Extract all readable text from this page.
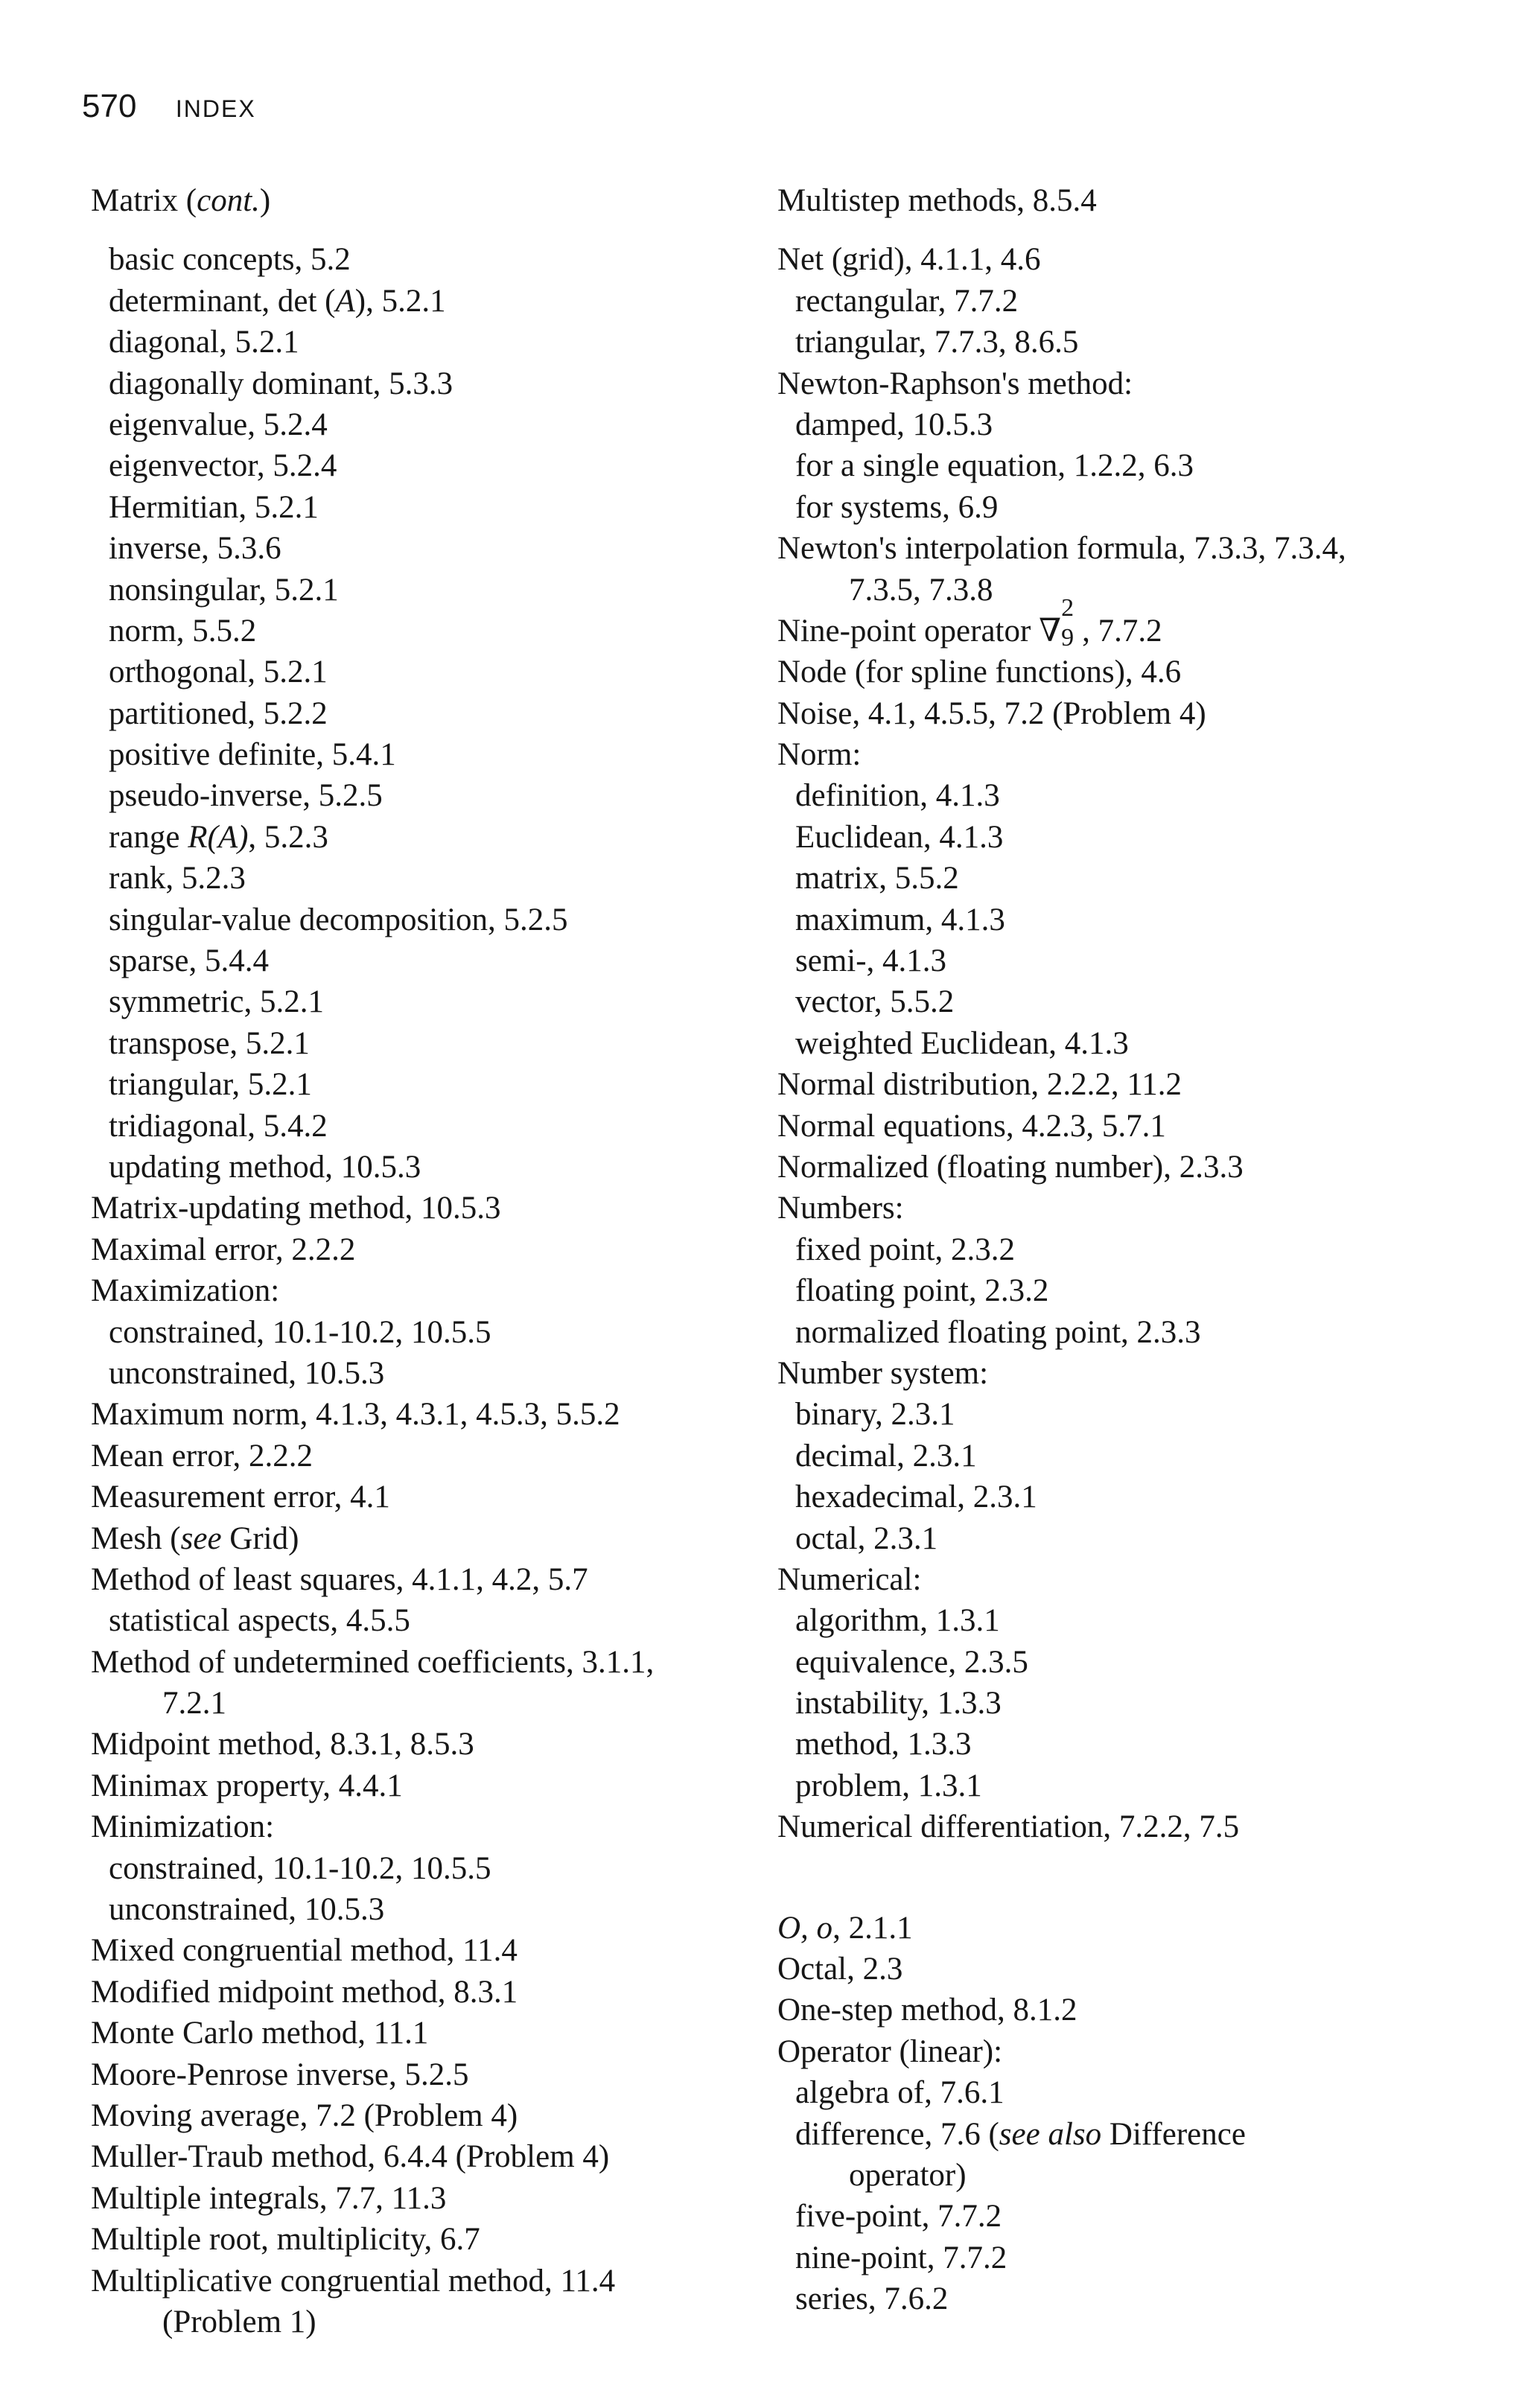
570 INDEX
Matrix (cont.)
basic concepts, 5.2
determinant, det (A), 5.2.1
diagonal, 5.2.1
diagonally dominant, 5.3.3
eigenvalue, 5.2.4
eigenvector, 5.2.4
Hermitian, 5.2.1
inverse, 5.3.6
nonsingular, 5.2.1
norm, 5.5.2
orthogonal, 5.2.1
partitioned, 5.2.2
positive definite, 5.4.1
pseudo-inverse, 5.2.5
range R(A), 5.2.3
rank, 5.2.3
singular-value decomposition, 5.2.5
sparse, 5.4.4
symmetric, 5.2.1
transpose, 5.2.1
triangular, 5.2.1
tridiagonal, 5.4.2
updating method, 10.5.3
Matrix-updating method, 10.5.3
Maximal error, 2.2.2
Maximization:
constrained, 10.1-10.2, 10.5.5
unconstrained, 10.5.3
Maximum norm, 4.1.3, 4.3.1, 4.5.3, 5.5.2
Mean error, 2.2.2
Measurement error, 4.1
Mesh (see Grid)
Method of least squares, 4.1.1, 4.2, 5.7
statistical aspects, 4.5.5
Method of undetermined coefficients, 3.1.1,
7.2.1
Midpoint method, 8.3.1, 8.5.3
Minimax property, 4.4.1
Minimization:
constrained, 10.1-10.2, 10.5.5
unconstrained, 10.5.3
Mixed congruential method, 11.4
Modified midpoint method, 8.3.1
Monte Carlo method, 11.1
Moore-Penrose inverse, 5.2.5
Moving average, 7.2 (Problem 4)
Muller-Traub method, 6.4.4 (Problem 4)
Multiple integrals, 7.7, 11.3
Multiple root, multiplicity, 6.7
Multiplicative congruential method, 11.4
(Problem 1)
Multistep methods, 8.5.4
Net (grid), 4.1.1, 4.6
rectangular, 7.7.2
triangular, 7.7.3, 8.6.5
Newton-Raphson's method:
damped, 10.5.3
for a single equation, 1.2.2, 6.3
for systems, 6.9
Newton's interpolation formula, 7.3.3, 7.3.4,
7.3.5, 7.3.8
Nine-point operator ∇
2
9 , 7.7.2
Node (for spline functions), 4.6
Noise, 4.1, 4.5.5, 7.2 (Problem 4)
Norm:
definition, 4.1.3
Euclidean, 4.1.3
matrix, 5.5.2
maximum, 4.1.3
semi-, 4.1.3
vector, 5.5.2
weighted Euclidean, 4.1.3
Normal distribution, 2.2.2, 11.2
Normal equations, 4.2.3, 5.7.1
Normalized (floating number), 2.3.3
Numbers:
fixed point, 2.3.2
floating point, 2.3.2
normalized floating point, 2.3.3
Number system:
binary, 2.3.1
decimal, 2.3.1
hexadecimal, 2.3.1
octal, 2.3.1
Numerical:
algorithm, 1.3.1
equivalence, 2.3.5
instability, 1.3.3
method, 1.3.3
problem, 1.3.1
Numerical differentiation, 7.2.2, 7.5
O, o, 2.1.1
Octal, 2.3
One-step method, 8.1.2
Operator (linear):
algebra of, 7.6.1
difference, 7.6 (see also Difference
operator)
five-point, 7.7.2
nine-point, 7.7.2
series, 7.6.2
